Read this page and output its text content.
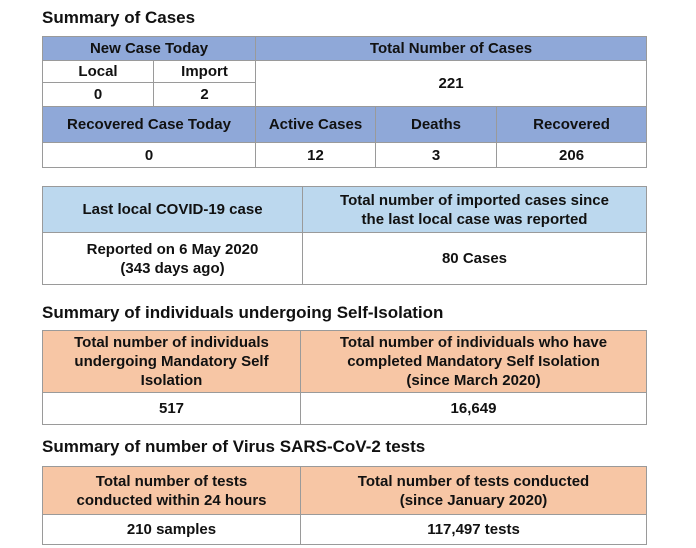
Summary of Cases
New Case Today		Total Number of Cases		
Local	Import	221		
0	2			
Recovered Case Today		Active Cases	Deaths	Recovered
0		12	3	206
Last local COVID-19 case	Total number of imported cases since
the last local case was reported
Reported on 6 May 2020
(343 days ago)	80 Cases
Summary of individuals undergoing Self-Isolation
Total number of individuals
undergoing Mandatory Self
Isolation	Total number of individuals who have
completed Mandatory Self Isolation
(since March 2020)
517	16,649
Summary of number of Virus SARS-CoV-2 tests
Total number of tests
conducted within 24 hours	Total number of tests conducted
(since January 2020)
210 samples	117,497 tests
